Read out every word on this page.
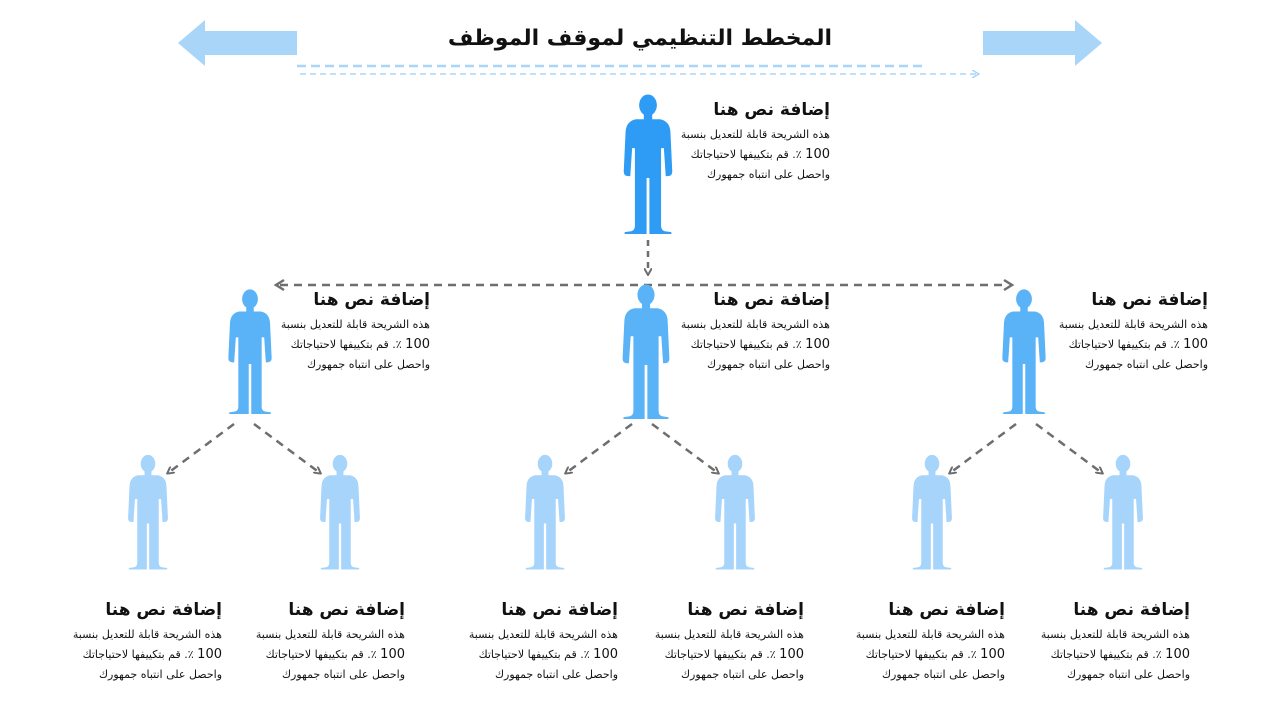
المخطط التنظيمي لموقف الموظف
إضافة نص هنا
هذه الشريحة قابلة للتعديل بنسبة
100 ٪. قم بتكييفها لاحتياجاتك
واحصل على انتباه جمهورك
إضافة نص هنا
هذه الشريحة قابلة للتعديل بنسبة
100 ٪. قم بتكييفها لاحتياجاتك
واحصل على انتباه جمهورك
إضافة نص هنا
هذه الشريحة قابلة للتعديل بنسبة
100 ٪. قم بتكييفها لاحتياجاتك
واحصل على انتباه جمهورك
إضافة نص هنا
هذه الشريحة قابلة للتعديل بنسبة
100 ٪. قم بتكييفها لاحتياجاتك
واحصل على انتباه جمهورك
إضافة نص هنا
هذه الشريحة قابلة للتعديل بنسبة
100 ٪. قم بتكييفها لاحتياجاتك
واحصل على انتباه جمهورك
إضافة نص هنا
هذه الشريحة قابلة للتعديل بنسبة
100 ٪. قم بتكييفها لاحتياجاتك
واحصل على انتباه جمهورك
إضافة نص هنا
هذه الشريحة قابلة للتعديل بنسبة
100 ٪. قم بتكييفها لاحتياجاتك
واحصل على انتباه جمهورك
إضافة نص هنا
هذه الشريحة قابلة للتعديل بنسبة
100 ٪. قم بتكييفها لاحتياجاتك
واحصل على انتباه جمهورك
إضافة نص هنا
هذه الشريحة قابلة للتعديل بنسبة
100 ٪. قم بتكييفها لاحتياجاتك
واحصل على انتباه جمهورك
إضافة نص هنا
هذه الشريحة قابلة للتعديل بنسبة
100 ٪. قم بتكييفها لاحتياجاتك
واحصل على انتباه جمهورك
